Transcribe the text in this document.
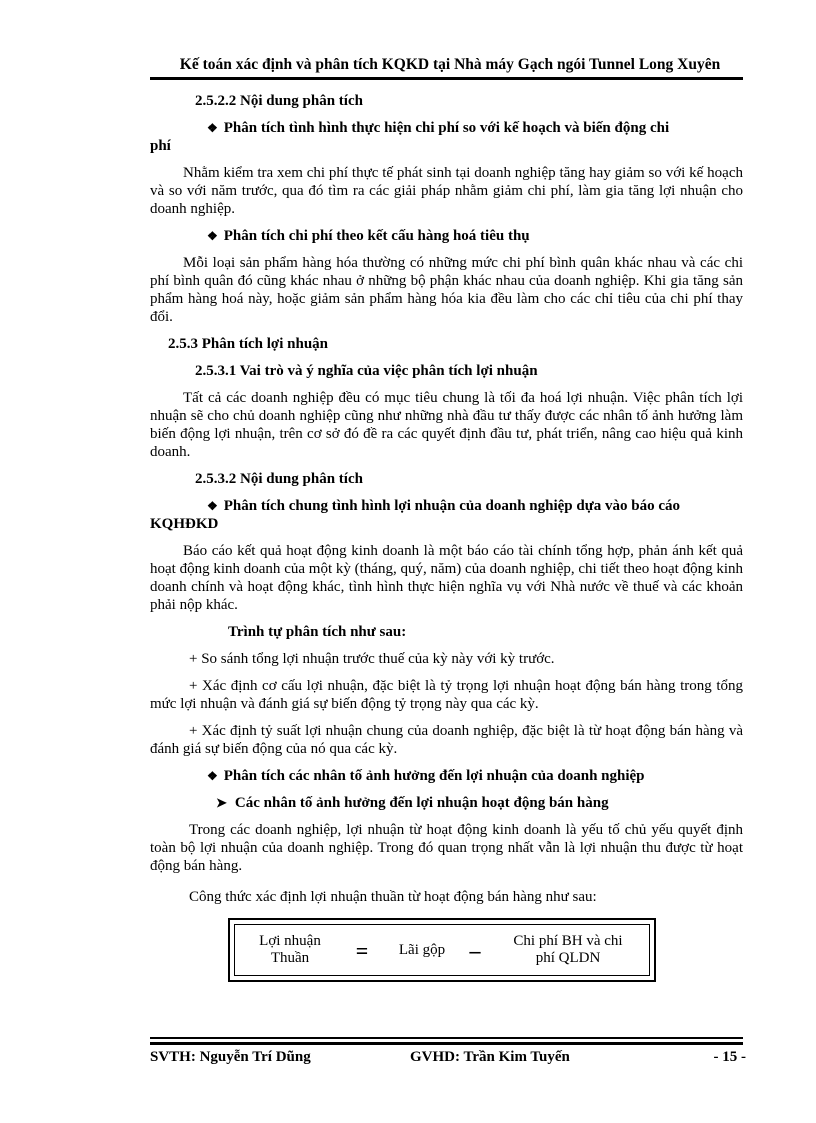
Kế toán xác định và phân tích KQKD tại Nhà máy Gạch ngói Tunnel Long Xuyên

2.5.2.2 Nội dung phân tích

❖ Phân tích tình hình thực hiện chi phí so với kế hoạch và biến động chi

phí

Nhằm kiểm tra xem chi phí thực tế phát sinh tại doanh nghiệp tăng hay giảm so với kế hoạch và so với năm trước, qua đó tìm ra các giải pháp nhằm giảm chi phí, làm gia tăng lợi nhuận cho doanh nghiệp.

❖ Phân tích chi phí theo kết cấu hàng hoá tiêu thụ

Mỗi loại sản phẩm hàng hóa thường có những mức chi phí bình quân khác nhau và các chi phí bình quân đó cũng khác nhau ở những bộ phận khác nhau của doanh nghiệp. Khi gia tăng sản phẩm hàng hoá này, hoặc giảm sản phẩm hàng hóa kia đều làm cho các chỉ tiêu của chi phí thay đổi.

2.5.3 Phân tích lợi nhuận

2.5.3.1 Vai trò và ý nghĩa của việc phân tích lợi nhuận

Tất cả các doanh nghiệp đều có mục tiêu chung là tối đa hoá lợi nhuận. Việc phân tích lợi nhuận sẽ cho chủ doanh nghiệp cũng như những nhà đầu tư thấy được các nhân tố ảnh hưởng làm biến động lợi nhuận, trên cơ sở đó đề ra các quyết định đầu tư, phát triển, nâng cao hiệu quả kinh doanh.

2.5.3.2 Nội dung phân tích

❖ Phân tích chung tình hình lợi nhuận của doanh nghiệp dựa vào báo cáo

KQHĐKD

Báo cáo kết quả hoạt động kinh doanh là một báo cáo tài chính tổng hợp, phản ánh kết quả hoạt động kinh doanh của một kỳ (tháng, quý, năm) của doanh nghiệp, chi tiết theo hoạt động kinh doanh chính và hoạt động khác, tình hình thực hiện nghĩa vụ với Nhà nước về thuế và các khoản phải nộp khác.

Trình tự phân tích như sau:

+ So sánh tổng lợi nhuận trước thuế của kỳ này với kỳ trước.

+ Xác định cơ cấu lợi nhuận, đặc biệt là tỷ trọng lợi nhuận hoạt động bán hàng trong tổng mức lợi nhuận và đánh giá sự biến động tỷ trọng này qua các kỳ.

+ Xác định tỷ suất lợi nhuận chung của doanh nghiệp, đặc biệt là từ hoạt động bán hàng và đánh giá sự biến động của nó qua các kỳ.

❖ Phân tích các nhân tố ảnh hưởng đến lợi nhuận của doanh nghiệp

➤ Các nhân tố ảnh hưởng đến lợi nhuận hoạt động bán hàng

Trong các doanh nghiệp, lợi nhuận từ hoạt động kinh doanh là yếu tố chủ yếu quyết định toàn bộ lợi nhuận của doanh nghiệp. Trong đó quan trọng nhất vẫn là lợi nhuận thu được từ hoạt động bán hàng.

Công thức xác định lợi nhuận thuần từ hoạt động bán hàng như sau:

Lợi nhuận
Thuần	=	Lãi gộp	–	Chi phí BH và chi
phí QLDN
SVTH: Nguyễn Trí Dũng	GVHD: Trần Kim Tuyến	- 15 -
